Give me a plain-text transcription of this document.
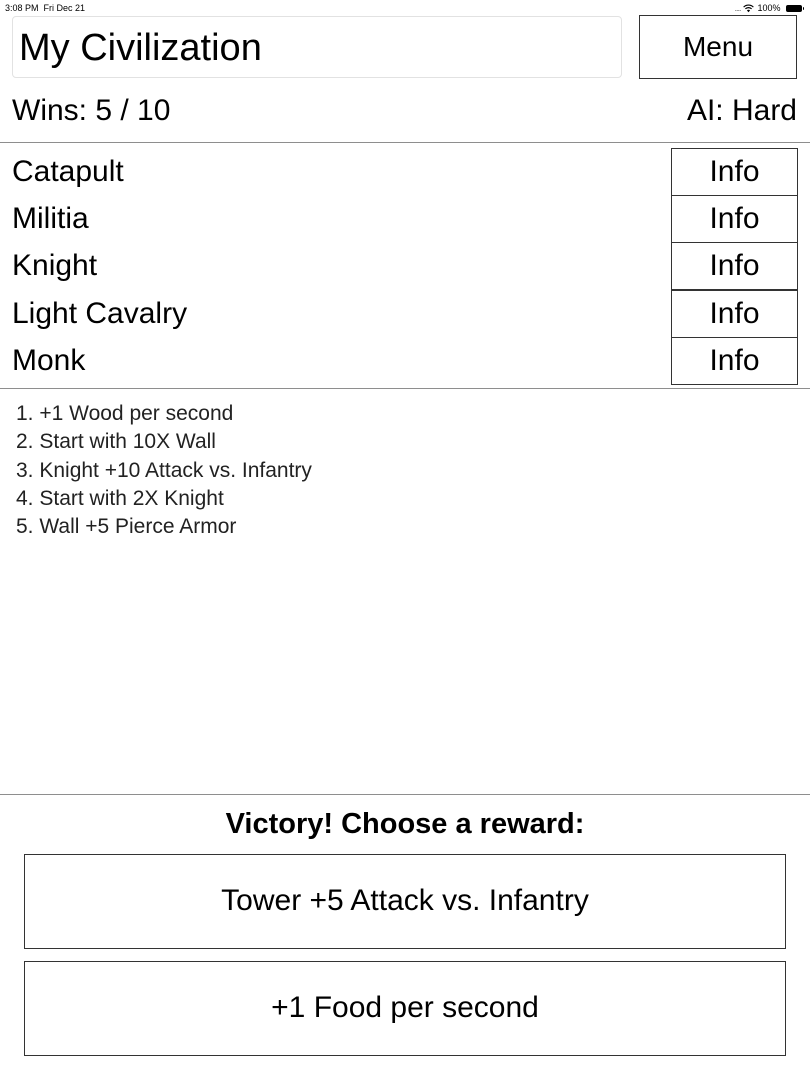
3:08 PM Fri Dec 21	.... 100%
My Civilization	Menu
Wins: 5 / 10	AI: Hard
Catapult	Info
Militia	Info
Knight	Info
Light Cavalry	Info
Monk	Info
1. +1 Wood per second
2. Start with 10X Wall
3. Knight +10 Attack vs. Infantry
4. Start with 2X Knight
5. Wall +5 Pierce Armor
Victory! Choose a reward:
Tower +5 Attack vs. Infantry
+1 Food per second
